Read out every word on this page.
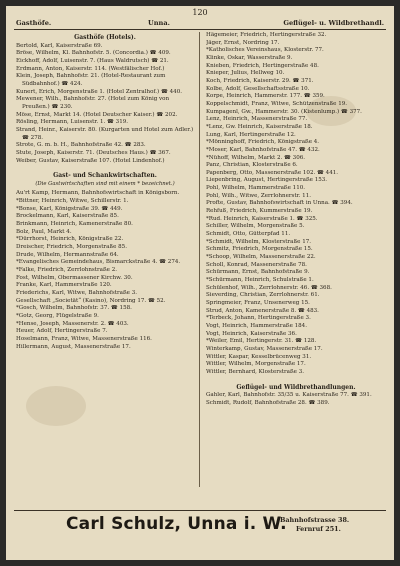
120
Gasthöfe.	Unna.	Geflügel- u. Wildbrethandl.
Gasthöfe (Hotels).
Bertold, Karl, Kaiserstraße 69.
Bröse, Wilhelm, Kl. Bahnhofstr. 5. (Concordia.) ☎ 409.
Eickhoff, Adolf, Luisenstr. 7. (Haus Waldrutsch) ☎ 21.
Erdmann, Anton, Kaiserstr. 114. (Westfälischer Hof.)
Klein, Joseph, Bahnhofstr. 21. (Hotel-Restaurant zum Südbahnhof.) ☎ 424.
Kunert, Erich, Morgenstraße 1. (Hotel Zentralhof.) ☎ 440.
Mewener, Wilh., Bahnhofstr. 27. (Hotel zum König von Preußen.) ☎ 230.
Möse, Ernst, Markt 14. (Hotel Deutscher Kaiser.) ☎ 202.
Rösling, Hermann, Luisenstr. 1. ☎ 319.
Strand, Heinr., Kaiserstr. 80. (Kurgarten und Hotel zum Adler.) ☎ 278.
Strote, G. m. b. H., Bahnhofstraße 42. ☎ 283.
Stute, Joseph, Kaiserstr. 71. (Deutsches Haus.) ☎ 367.
Weiber, Gustav, Kaiserstraße 107. (Hotel Lindenhof.)
Gast- und Schankwirtschaften.
(Die Gastwirtschaften sind mit einem * bezeichnet.)
Au'rt Kamp, Hermann, Bahnhofswirtschaft in Königsborn.
*Bittner, Heinrich, Witwe, Schillerstr. 1.
*Bonse, Karl, Königstraße 39. ☎ 449.
Brockelmann, Karl, Kaiserstraße 85.
Brinkmann, Heinrich, Kamenerstraße 80.
Bolz, Paul, Markt 4.
*Dürrhorst, Heinrich, Königstraße 22.
Dreischer, Friedrich, Morgenstraße 85.
Drude, Wilhelm, Hermannstraße 64.
*Evangelisches Gemeindehaus, Bismarckstraße 4. ☎ 274.
*Falke, Friedrich, Zerrlohnstraße 2.
Fost, Wilhelm, Obermassener Kirchw. 30.
Franke, Karl, Hammerstraße 120.
Friederichs, Karl, Witwe, Bahnhofstraße 3.
Gesellschaft „Societät“ (Kasino), Nordring 17. ☎ 52.
*Gosch, Wilhelm, Bahnhofstr. 37. ☎ 158.
*Gotz, Georg, Flügelstraße 9.
*Hense, Joseph, Massenerstr. 2. ☎ 403.
Heuer, Adolf, Hertingerstraße 7.
Hoselmann, Franz, Witwe, Massenerstraße 116.
Hillermann, August, Massenerstraße 17.
Hägemeier, Friedrich, Hertingerstraße 32.
Jäger, Ernst, Nordring 17.
*Katholisches Vereinshaus, Klosterstr. 77.
Klinke, Oskar, Wasserstraße 9.
Knieben, Friedrich, Hertingerstraße 48.
Knieper, Julius, Hellweg 10.
Koch, Friedrich, Kaiserstr. 29. ☎ 371.
Kolbe, Adolf, Gesellschaftsstraße 10.
Korpe, Heinrich, Hammerstr. 177. ☎ 359.
Koppelschmidt, Franz, Witwe, Schützenstraße 19.
Kumpagenl, Gw., Hammerstr. 30. (Kistenlump.) ☎ 377.
Lenz, Heinrich, Massenerstraße 77.
*Lenz, Gw. Heinrich, Kaiserstraße 18.
Lung, Karl, Hertingerstraße 12.
*Mönninghoff, Friedrich, Königstraße 4.
*Moser, Karl, Bahnhofstraße 47. ☎ 432.
*Nühoff, Wilhelm, Markt 2. ☎ 306.
Panz, Christian, Klosterstraße 6.
Papenberg, Otto, Massenerstraße 102. ☎ 441.
Liepenbring, August, Hertingerstraße 153.
Pohl, Wilhelm, Hammerstraße 110.
Pohl, Wilh., Witwe, Zerrlohnerstr. 11.
Profte, Gustav, Bahnhofswirtschaft in Unna. ☎ 394.
Rehfuß, Friedrich, Kummerstraße 19.
*Rud. Heinrich, Kaiserstraße 1. ☎ 325.
Schiller, Wilhelm, Morgenstraße 5.
Schmidt, Otto, Gütterpfad 11.
*Schmidt, Wilhelm, Klosterstraße 17.
Schmitz, Friedrich, Morgenstraße 15.
*Schoop, Wilhelm, Massenerstraße 22.
Scholl, Konrad, Massenerstraße 78.
Schürmann, Ernst, Bahnhofstraße 9.
*Schürmann, Heinrich, Schulstraße 1.
Schülenhof, Wilh., Zerrlohnerstr. 46. ☎ 368.
Sieverding, Christian, Zerrlohnerstr. 61.
Springmeier, Franz, Unsenerweg 15.
Strud, Anton, Kamenerstraße 8. ☎ 483.
*Terbeck, Johann, Hertingerstraße 3.
Vogt, Heinrich, Hammerstraße 184.
Vogt, Heinrich, Kaiserstraße 36.
*Weiler, Emil, Hertingerstr. 31. ☎ 128.
Winterkamp, Gustav, Massenerstraße 17.
Wittler, Kaspar, Kesselbrücenweg 31.
Wittler, Wilhelm, Morgenstraße 17.
Wittler, Bernhard, Klosterstraße 3.
Geflügel- und Wildbrethandlungen.
Gahler, Karl, Bahnhofstr. 35/35 u. Kaiserstraße 77. ☎ 391.
Schmidt, Rudolf, Bahnhofstraße 28. ☎ 389.
Carl Schulz, Unna i. W.
Bahnhofstrasse 38.
Fernruf 251.
